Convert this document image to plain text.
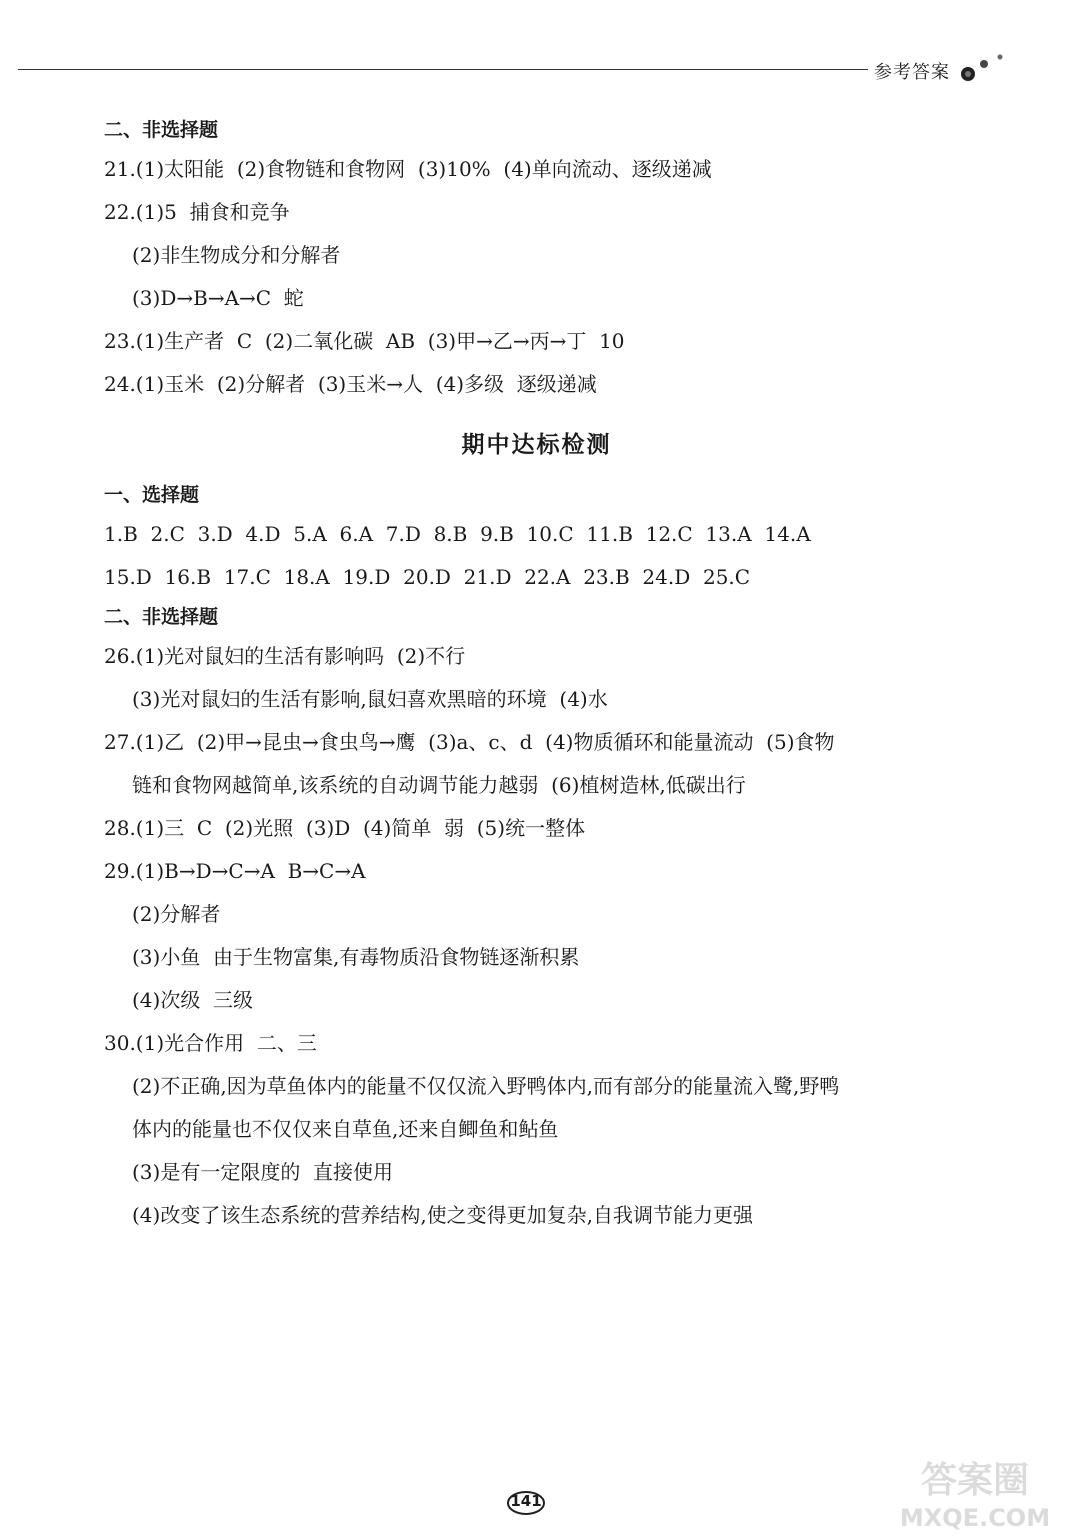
参考答案
二、非选择题
21.(1)太阳能  (2)食物链和食物网  (3)10%  (4)单向流动、逐级递减
22.(1)5  捕食和竞争
(2)非生物成分和分解者
(3)D→B→A→C  蛇
23.(1)生产者  C  (2)二氧化碳  AB  (3)甲→乙→丙→丁  10
24.(1)玉米  (2)分解者  (3)玉米→人  (4)多级  逐级递减
期中达标检测
一、选择题
1.B  2.C  3.D  4.D  5.A  6.A  7.D  8.B  9.B  10.C  11.B  12.C  13.A  14.A
15.D  16.B  17.C  18.A  19.D  20.D  21.D  22.A  23.B  24.D  25.C
二、非选择题
26.(1)光对鼠妇的生活有影响吗  (2)不行
(3)光对鼠妇的生活有影响,鼠妇喜欢黑暗的环境  (4)水
27.(1)乙  (2)甲→昆虫→食虫鸟→鹰  (3)a、c、d  (4)物质循环和能量流动  (5)食物
链和食物网越简单,该系统的自动调节能力越弱  (6)植树造林,低碳出行
28.(1)三  C  (2)光照  (3)D  (4)简单  弱  (5)统一整体
29.(1)B→D→C→A  B→C→A
(2)分解者
(3)小鱼  由于生物富集,有毒物质沿食物链逐渐积累
(4)次级  三级
30.(1)光合作用  二、三
(2)不正确,因为草鱼体内的能量不仅仅流入野鸭体内,而有部分的能量流入鹭,野鸭
体内的能量也不仅仅来自草鱼,还来自鲫鱼和鲇鱼
(3)是有一定限度的  直接使用
(4)改变了该生态系统的营养结构,使之变得更加复杂,自我调节能力更强
141	答案圈
MXQE.COM
